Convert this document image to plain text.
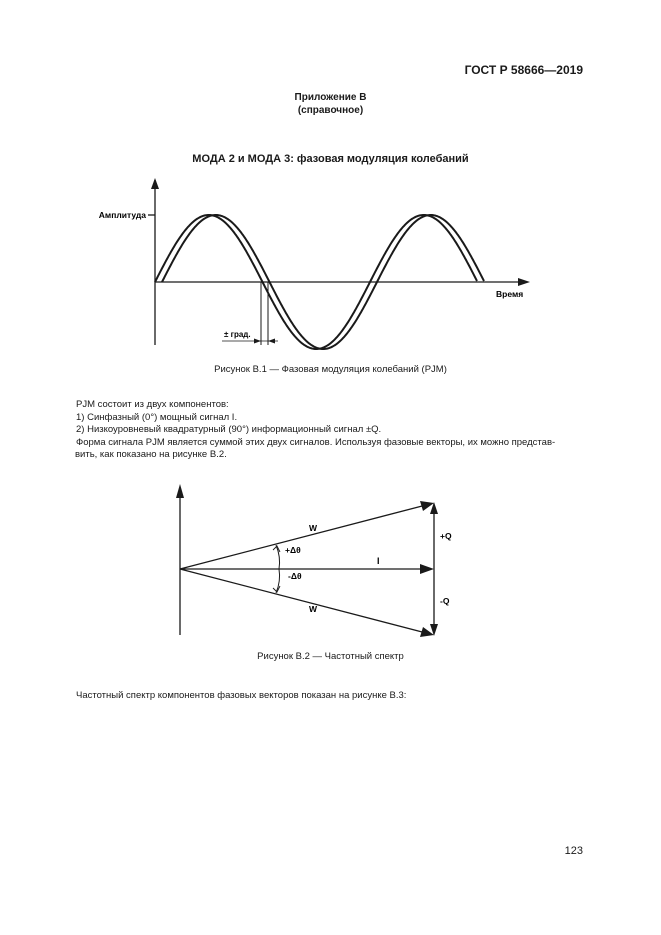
ГОСТ Р 58666—2019
Приложение В
(справочное)
МОДА 2 и МОДА 3: фазовая модуляция колебаний
Амплитуда
Время
± град.
Рисунок В.1 — Фазовая модуляция колебаний (PJM)

PJM состоит из двух компонентов:

1) Синфазный (0°) мощный сигнал I.

2) Низкоуровневый квадратурный (90°) информационный сигнал ±Q.

Форма сигнала PJM является суммой этих двух сигналов. Используя фазовые векторы, их можно представ-

вить, как показано на рисунке В.2.

W
W
+Δθ
-Δθ
I
+Q
-Q
Рисунок В.2 — Частотный спектр

Частотный спектр компонентов фазовых векторов показан на рисунке В.3:

123
